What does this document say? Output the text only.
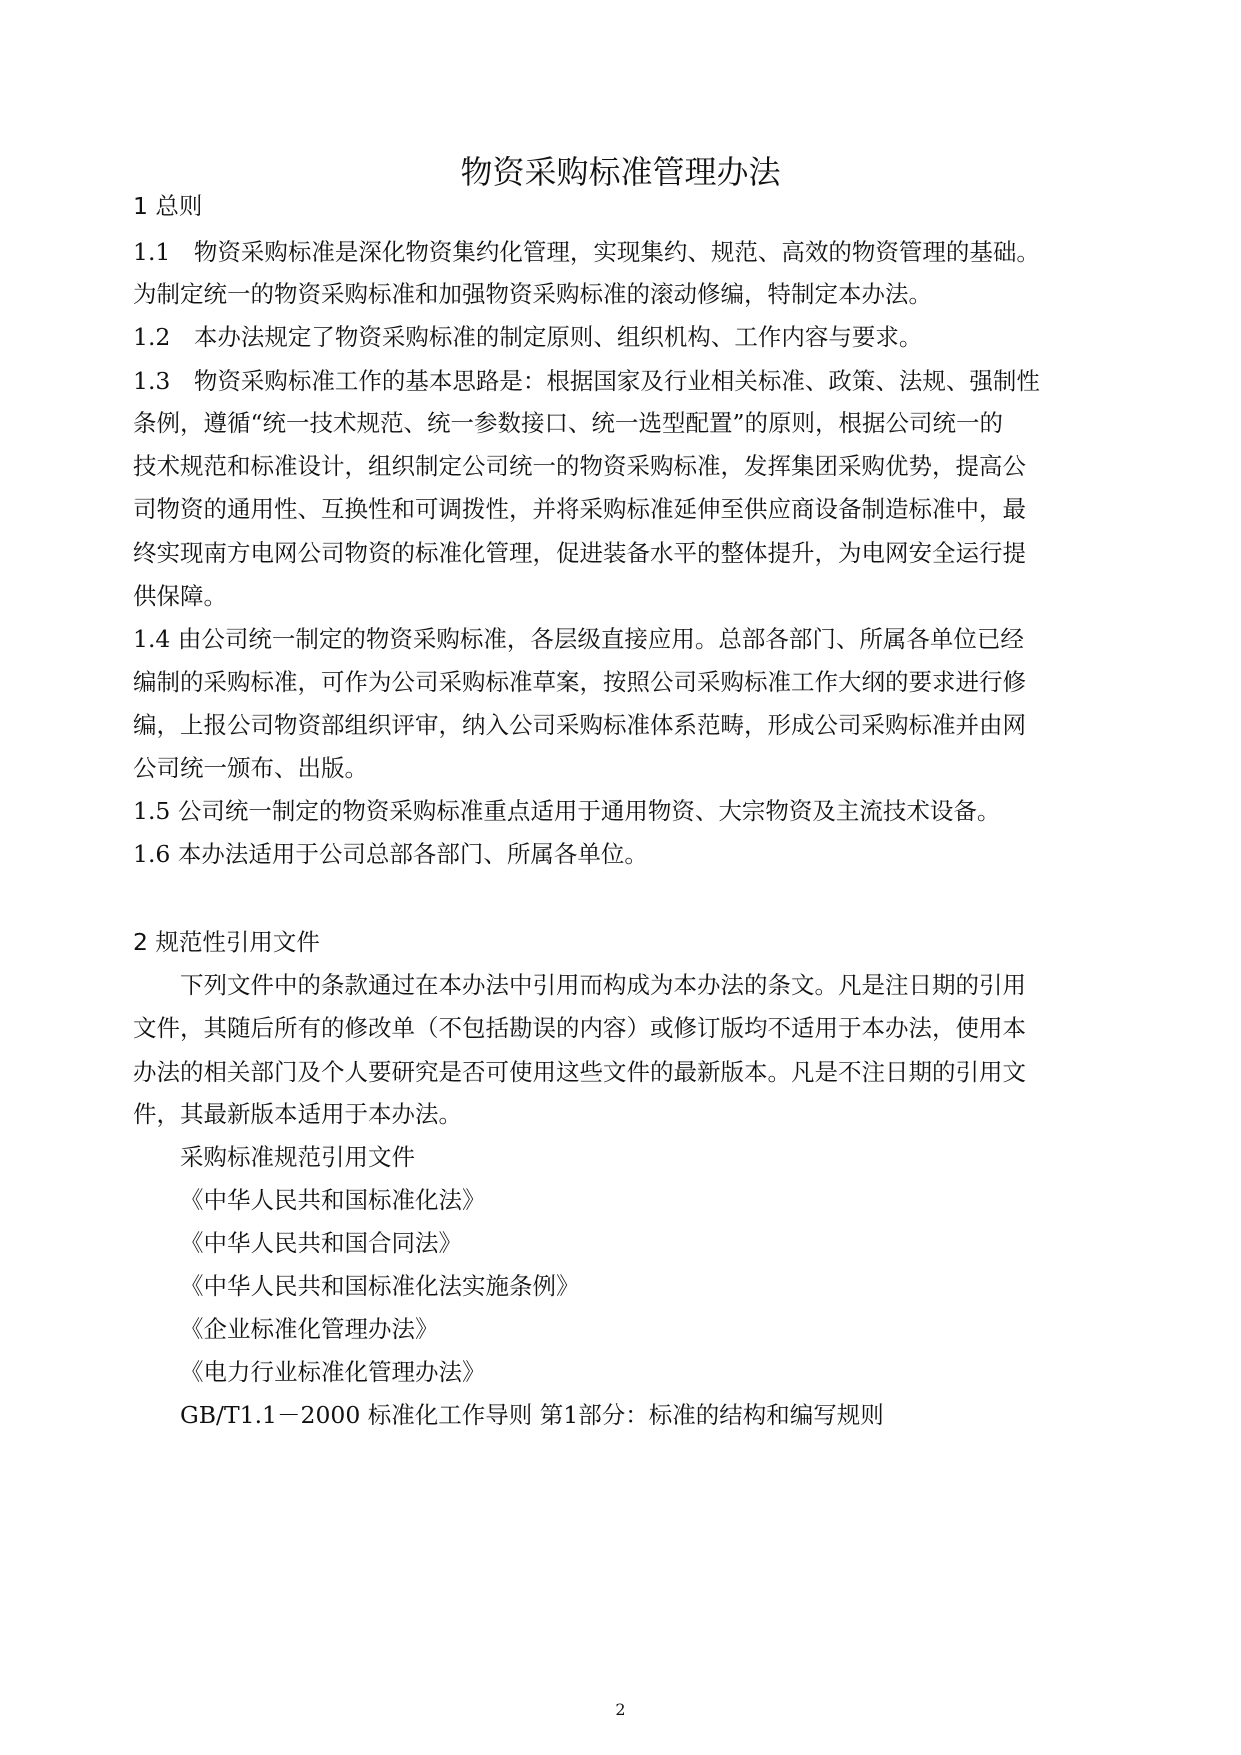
物资采购标准管理办法
1 总则
1.1　物资采购标准是深化物资集约化管理，实现集约、规范、高效的物资管理的基础。
为制定统一的物资采购标准和加强物资采购标准的滚动修编，特制定本办法。
1.2　本办法规定了物资采购标准的制定原则、组织机构、工作内容与要求。
1.3　物资采购标准工作的基本思路是：根据国家及行业相关标准、政策、法规、强制性
条例，遵循“统一技术规范、统一参数接口、统一选型配置”的原则，根据公司统一的
技术规范和标准设计，组织制定公司统一的物资采购标准，发挥集团采购优势，提高公
司物资的通用性、互换性和可调拨性，并将采购标准延伸至供应商设备制造标准中，最
终实现南方电网公司物资的标准化管理，促进装备水平的整体提升，为电网安全运行提
供保障。
1.4 由公司统一制定的物资采购标准，各层级直接应用。总部各部门、所属各单位已经
编制的采购标准，可作为公司采购标准草案，按照公司采购标准工作大纲的要求进行修
编，上报公司物资部组织评审，纳入公司采购标准体系范畴，形成公司采购标准并由网
公司统一颁布、出版。
1.5 公司统一制定的物资采购标准重点适用于通用物资、大宗物资及主流技术设备。
1.6 本办法适用于公司总部各部门、所属各单位。
2 规范性引用文件
下列文件中的条款通过在本办法中引用而构成为本办法的条文。凡是注日期的引用
文件，其随后所有的修改单（不包括勘误的内容）或修订版均不适用于本办法，使用本
办法的相关部门及个人要研究是否可使用这些文件的最新版本。凡是不注日期的引用文
件，其最新版本适用于本办法。
采购标准规范引用文件
《中华人民共和国标准化法》
《中华人民共和国合同法》
《中华人民共和国标准化法实施条例》
《企业标准化管理办法》
《电力行业标准化管理办法》
GB/T1.1－2000 标准化工作导则 第1部分：标准的结构和编写规则
2
